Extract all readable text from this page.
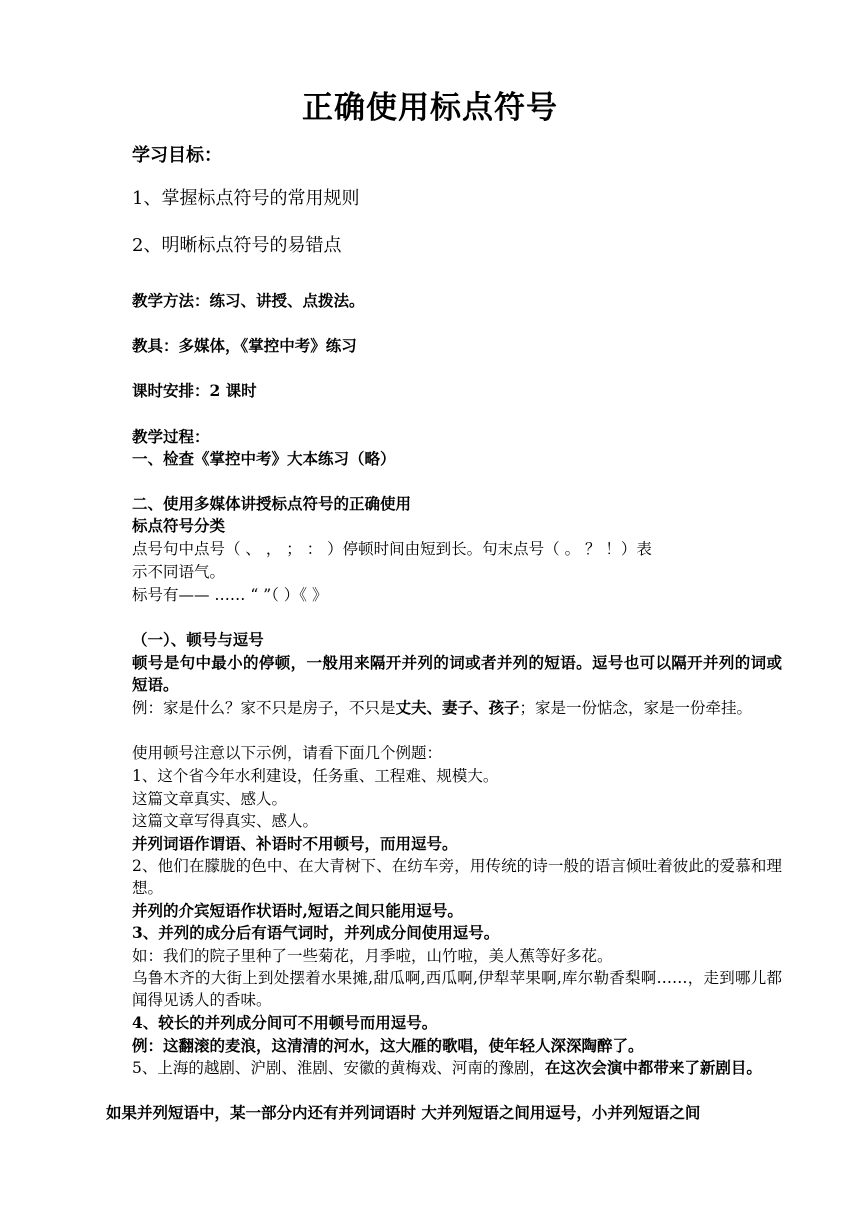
正确使用标点符号
学习目标：
1、掌握标点符号的常用规则
2、明晰标点符号的易错点
教学方法：练习、讲授、点拨法。
教具：多媒体，《掌控中考》练习
课时安排：2 课时
教学过程：
一、检查《掌控中考》大本练习（略）
二、使用多媒体讲授标点符号的正确使用
标点符号分类
点号句中点号（ 、 ， ； ： ）停顿时间由短到长。句末点号（ 。 ？ ！）表
示不同语气。
标号有—— …… “ ”（ ）《 》
（一）、顿号与逗号
顿号是句中最小的停顿，一般用来隔开并列的词或者并列的短语。逗号也可以隔开并列的词或短语。
例：家是什么？家不只是房子，不只是丈夫、妻子、孩子；家是一份惦念，家是一份牵挂。
使用顿号注意以下示例，请看下面几个例题：
1、这个省今年水利建设，任务重、工程难、规模大。
这篇文章真实、感人。
这篇文章写得真实、感人。
并列词语作谓语、补语时不用顿号，而用逗号。
2、他们在朦胧的色中、在大青树下、在纺车旁，用传统的诗一般的语言倾吐着彼此的爱慕和理想。
并列的介宾短语作状语时,短语之间只能用逗号。
3、并列的成分后有语气词时，并列成分间使用逗号。
如：我们的院子里种了一些菊花，月季啦，山竹啦，美人蕉等好多花。
乌鲁木齐的大街上到处摆着水果摊,甜瓜啊,西瓜啊,伊犁苹果啊,库尔勒香梨啊……，走到哪儿都闻得见诱人的香味。
4、较长的并列成分间可不用顿号而用逗号。
例：这翻滚的麦浪，这清清的河水，这大雁的歌唱，使年轻人深深陶醉了。
5、上海的越剧、沪剧、淮剧、安徽的黄梅戏、河南的豫剧，在这次会演中都带来了新剧目。
如果并列短语中，某一部分内还有并列词语时 大并列短语之间用逗号，小并列短语之间
